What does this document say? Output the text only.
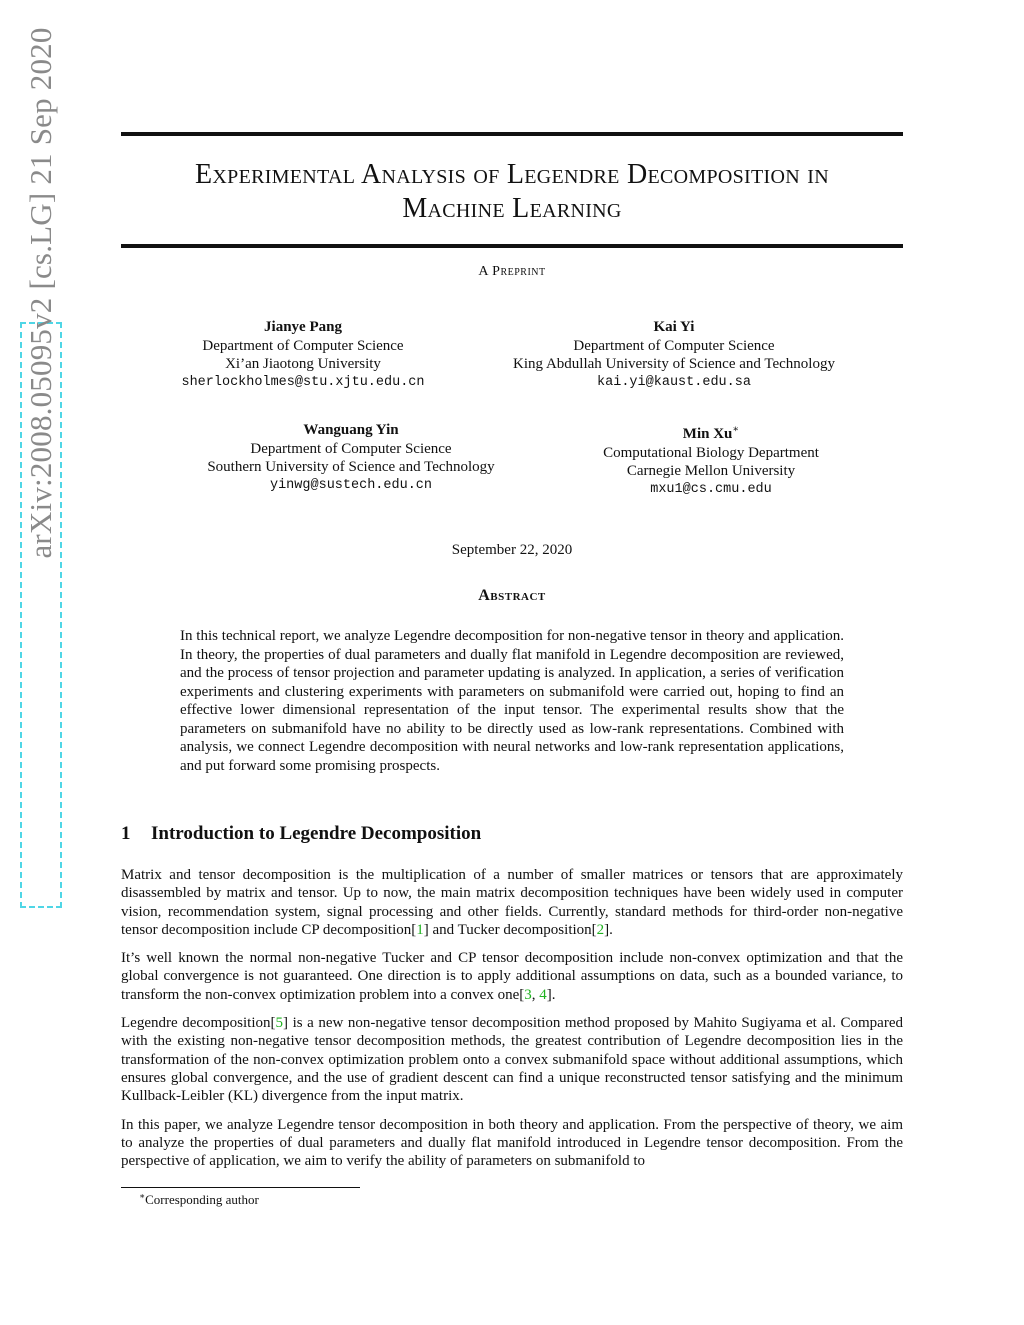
arXiv:2008.05095v2 [cs.LG] 21 Sep 2020	Experimental Analysis of Legendre Decomposition in
Machine Learning
A Preprint
Jianye Pang
Department of Computer Science
Xi’an Jiaotong University
sherlockholmes@stu.xjtu.edu.cn
Kai Yi
Department of Computer Science
King Abdullah University of Science and Technology
kai.yi@kaust.edu.sa
Wanguang Yin
Department of Computer Science
Southern University of Science and Technology
yinwg@sustech.edu.cn
Min Xu∗
Computational Biology Department
Carnegie Mellon University
mxu1@cs.cmu.edu
September 22, 2020
Abstract
In this technical report, we analyze Legendre decomposition for non-negative tensor in theory and application. In theory, the properties of dual parameters and dually flat manifold in Legendre decomposition are reviewed, and the process of tensor projection and parameter updating is analyzed. In application, a series of verification experiments and clustering experiments with parameters on submanifold were carried out, hoping to find an effective lower dimensional representation of the input tensor. The experimental results show that the parameters on submanifold have no ability to be directly used as low-rank representations. Combined with analysis, we connect Legendre decomposition with neural networks and low-rank representation applications, and put forward some promising prospects.
1 Introduction to Legendre Decomposition

Matrix and tensor decomposition is the multiplication of a number of smaller matrices or tensors that are approximately disassembled by matrix and tensor. Up to now, the main matrix decomposition techniques have been widely used in computer vision, recommendation system, signal processing and other fields. Currently, standard methods for third-order non-negative tensor decomposition include CP decomposition[1] and Tucker decomposition[2].

It’s well known the normal non-negative Tucker and CP tensor decomposition include non-convex optimization and that the global convergence is not guaranteed. One direction is to apply additional assumptions on data, such as a bounded variance, to transform the non-convex optimization problem into a convex one[3, 4].

Legendre decomposition[5] is a new non-negative tensor decomposition method proposed by Mahito Sugiyama et al. Compared with the existing non-negative tensor decomposition methods, the greatest contribution of Legendre decomposition lies in the transformation of the non-convex optimization problem onto a convex submanifold space without additional assumptions, which ensures global convergence, and the use of gradient descent can find a unique reconstructed tensor satisfying and the minimum Kullback-Leibler (KL) divergence from the input matrix.

In this paper, we analyze Legendre tensor decomposition in both theory and application. From the perspective of theory, we aim to analyze the properties of dual parameters and dually flat manifold introduced in Legendre tensor decomposition. From the perspective of application, we aim to verify the ability of parameters on submanifold to

∗Corresponding author
